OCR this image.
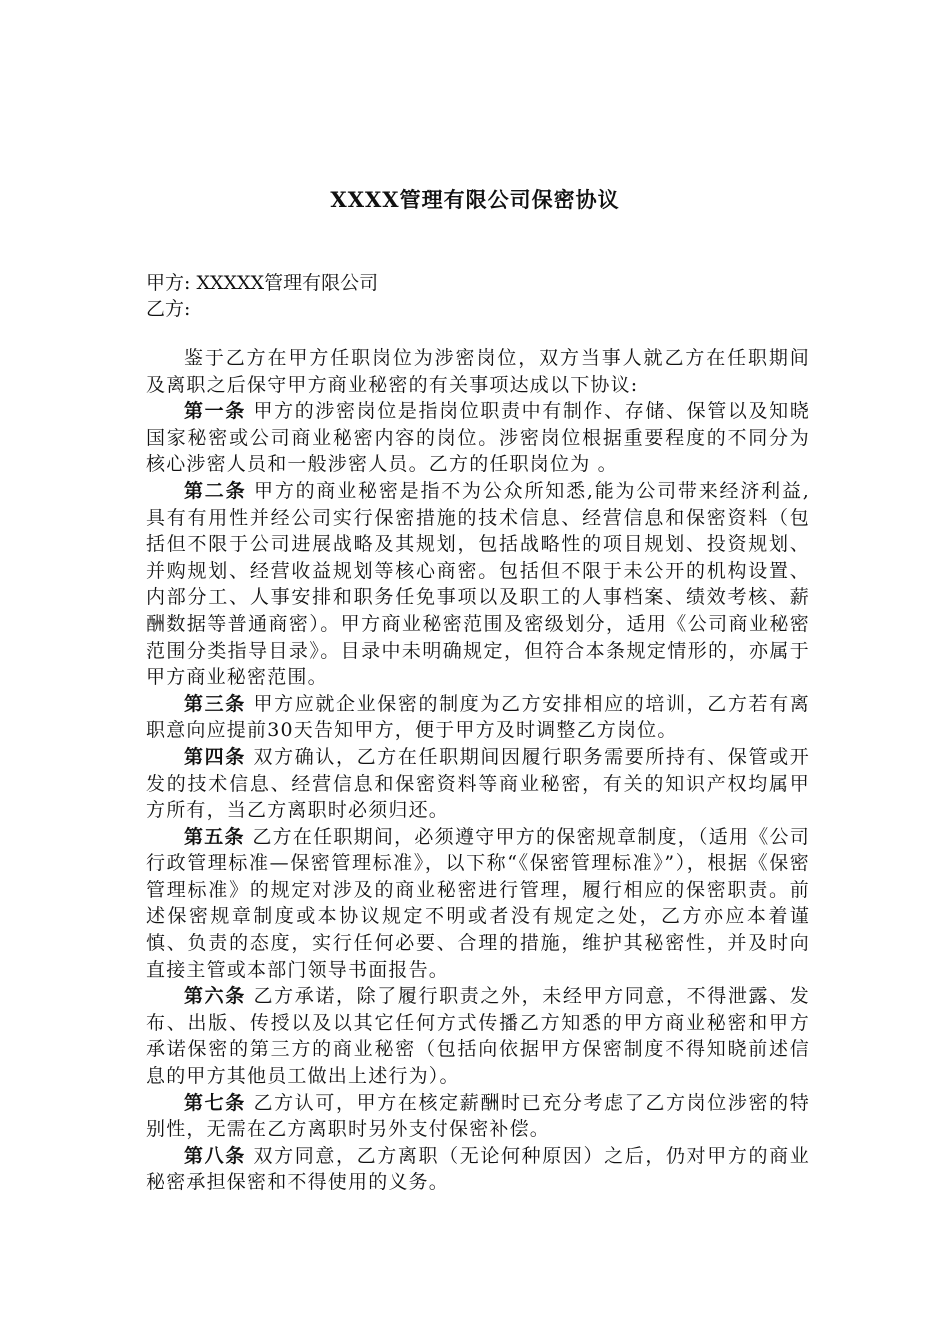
XXXX管理有限公司保密协议
甲方: XXXXX管理有限公司
乙方:

鉴于乙方在甲方任职岗位为涉密岗位，双方当事人就乙方在任职期间及离职之后保守甲方商业秘密的有关事项达成以下协议:

第一条 甲方的涉密岗位是指岗位职责中有制作、存储、保管以及知晓国家秘密或公司商业秘密内容的岗位。涉密岗位根据重要程度的不同分为核心涉密人员和一般涉密人员。乙方的任职岗位为 。

第二条 甲方的商业秘密是指不为公众所知悉,能为公司带来经济利益,具有有用性并经公司实行保密措施的技术信息、经营信息和保密资料（包括但不限于公司进展战略及其规划，包括战略性的项目规划、投资规划、并购规划、经营收益规划等核心商密。包括但不限于未公开的机构设置、内部分工、人事安排和职务任免事项以及职工的人事档案、绩效考核、薪酬数据等普通商密）。甲方商业秘密范围及密级划分，适用《公司商业秘密范围分类指导目录》。目录中未明确规定，但符合本条规定情形的，亦属于甲方商业秘密范围。

第三条 甲方应就企业保密的制度为乙方安排相应的培训，乙方若有离职意向应提前30天告知甲方，便于甲方及时调整乙方岗位。

第四条 双方确认，乙方在任职期间因履行职务需要所持有、保管或开发的技术信息、经营信息和保密资料等商业秘密，有关的知识产权均属甲方所有，当乙方离职时必须归还。

第五条 乙方在任职期间，必须遵守甲方的保密规章制度，（适用《公司行政管理标准—保密管理标准》，以下称“《保密管理标准》”），根据《保密管理标准》的规定对涉及的商业秘密进行管理，履行相应的保密职责。前述保密规章制度或本协议规定不明或者没有规定之处，乙方亦应本着谨慎、负责的态度，实行任何必要、合理的措施，维护其秘密性，并及时向直接主管或本部门领导书面报告。

第六条 乙方承诺，除了履行职责之外，未经甲方同意，不得泄露、发布、出版、传授以及以其它任何方式传播乙方知悉的甲方商业秘密和甲方承诺保密的第三方的商业秘密（包括向依据甲方保密制度不得知晓前述信息的甲方其他员工做出上述行为）。

第七条 乙方认可，甲方在核定薪酬时已充分考虑了乙方岗位涉密的特别性，无需在乙方离职时另外支付保密补偿。

第八条 双方同意，乙方离职（无论何种原因）之后，仍对甲方的商业秘密承担保密和不得使用的义务。
